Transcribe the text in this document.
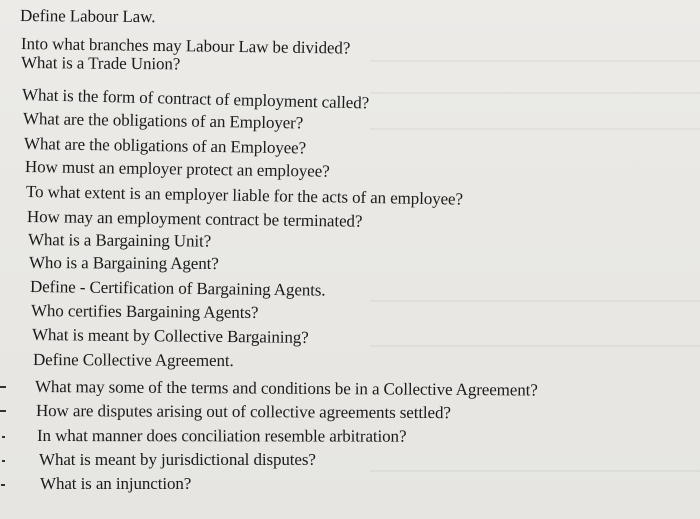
Define Labour Law.

Into what branches may Labour Law be divided?

What is a Trade Union?

What is the form of contract of employment called?

What are the obligations of an Employer?

What are the obligations of an Employee?

How must an employer protect an employee?

To what extent is an employer liable for the acts of an employee?

How may an employment contract be terminated?

What is a Bargaining Unit?

Who is a Bargaining Agent?

Define - Certification of Bargaining Agents.

Who certifies Bargaining Agents?

What is meant by Collective Bargaining?

Define Collective Agreement.

What may some of the terms and conditions be in a Collective Agreement?

How are disputes arising out of collective agreements settled?

In what manner does conciliation resemble arbitration?

What is meant by jurisdictional disputes?

What is an injunction?
